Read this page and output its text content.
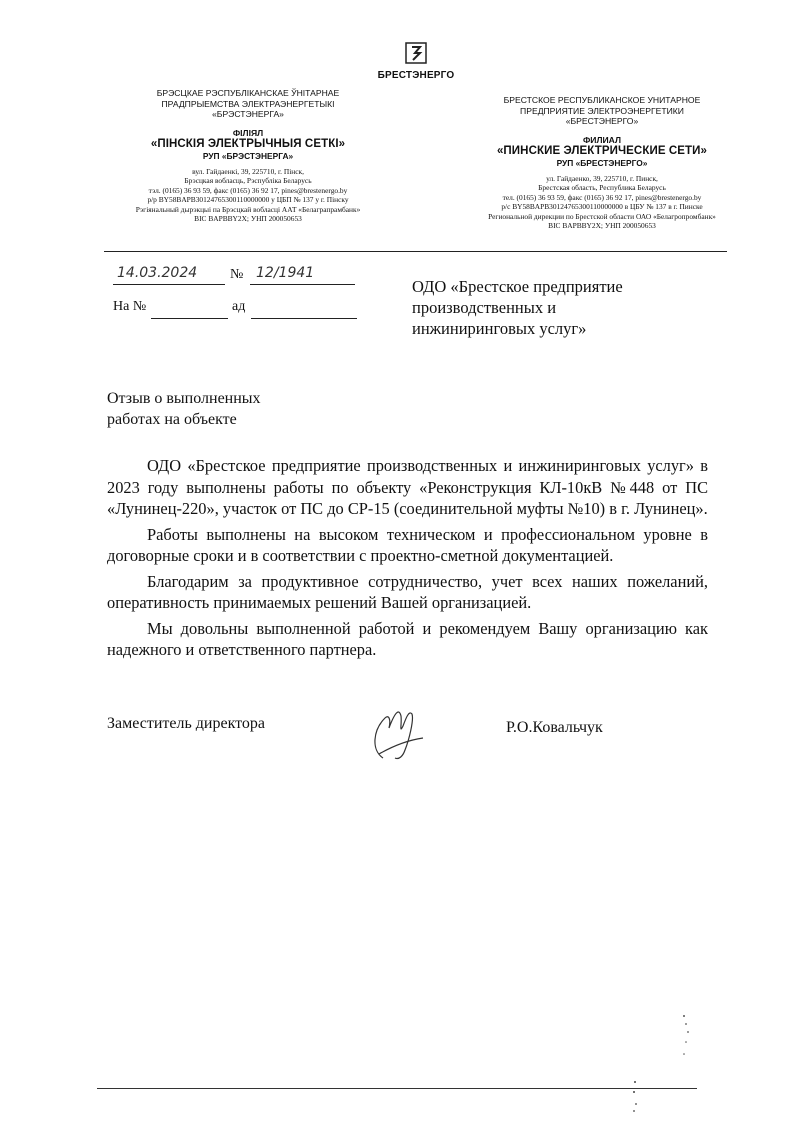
БРЕСТЭНЕРГО
БРЭСЦКАЕ РЭСПУБЛІКАНСКАЕ ЎНІТАРНАЕ
ПРАДПРЫЕМСТВА ЭЛЕКТРАЭНЕРГЕТЫКІ
«БРЭСТЭНЕРГА»
ФІЛІЯЛ
«ПІНСКІЯ ЭЛЕКТРЫЧНЫЯ СЕТКІ»
РУП «БРЭСТЭНЕРГА»
вул. Гайдаенкі, 39, 225710, г. Пінск,
Брэсцкая вобласць, Рэспубліка Беларусь
тэл. (0165) 36 93 59, факс (0165) 36 92 17, pines@brestenergo.by
р/р BY58BAPB30124765300110000000 у ЦБП № 137 у г. Пінску
Рэгіянальный дырэкцыі па Брэсцкай вобласці ААТ «Белаграпрамбанк»
BIC BAPBBY2X; УНП 200050653
БРЕСТСКОЕ РЕСПУБЛИКАНСКОЕ УНИТАРНОЕ
ПРЕДПРИЯТИЕ ЭЛЕКТРОЭНЕРГЕТИКИ
«БРЕСТЭНЕРГО»
ФИЛИАЛ
«ПИНСКИЕ ЭЛЕКТРИЧЕСКИЕ СЕТИ»
РУП «БРЕСТЭНЕРГО»
ул. Гайдаенко, 39, 225710, г. Пинск,
Брестская область, Республика Беларусь
тел. (0165) 36 93 59, факс (0165) 36 92 17, pines@brestenergo.by
р/с BY58BAPB30124765300110000000 в ЦБУ № 137 в г. Пинске
Региональной дирекции по Брестской области ОАО «Белагропромбанк»
BIC BAPBBY2X; УНП 200050653
14.03.2024 № 12/1941
На №	ад
ОДО «Брестское предприятие
производственных и
инжиниринговых услуг»
Отзыв о выполненных
работах на объекте

ОДО «Брестское предприятие производственных и инжиниринговых услуг» в 2023 году выполнены работы по объекту «Реконструкция КЛ-10кВ №448 от ПС «Лунинец-220», участок от ПС до СР-15 (соединительной муфты №10) в г. Лунинец».

Работы выполнены на высоком техническом и профессиональном уровне в договорные сроки и в соответствии с проектно-сметной документацией.

Благодарим за продуктивное сотрудничество, учет всех наших пожеланий, оперативность принимаемых решений Вашей организацией.

Мы довольны выполненной работой и рекомендуем Вашу организацию как надежного и ответственного партнера.

Заместитель директора	Р.О.Ковальчук
